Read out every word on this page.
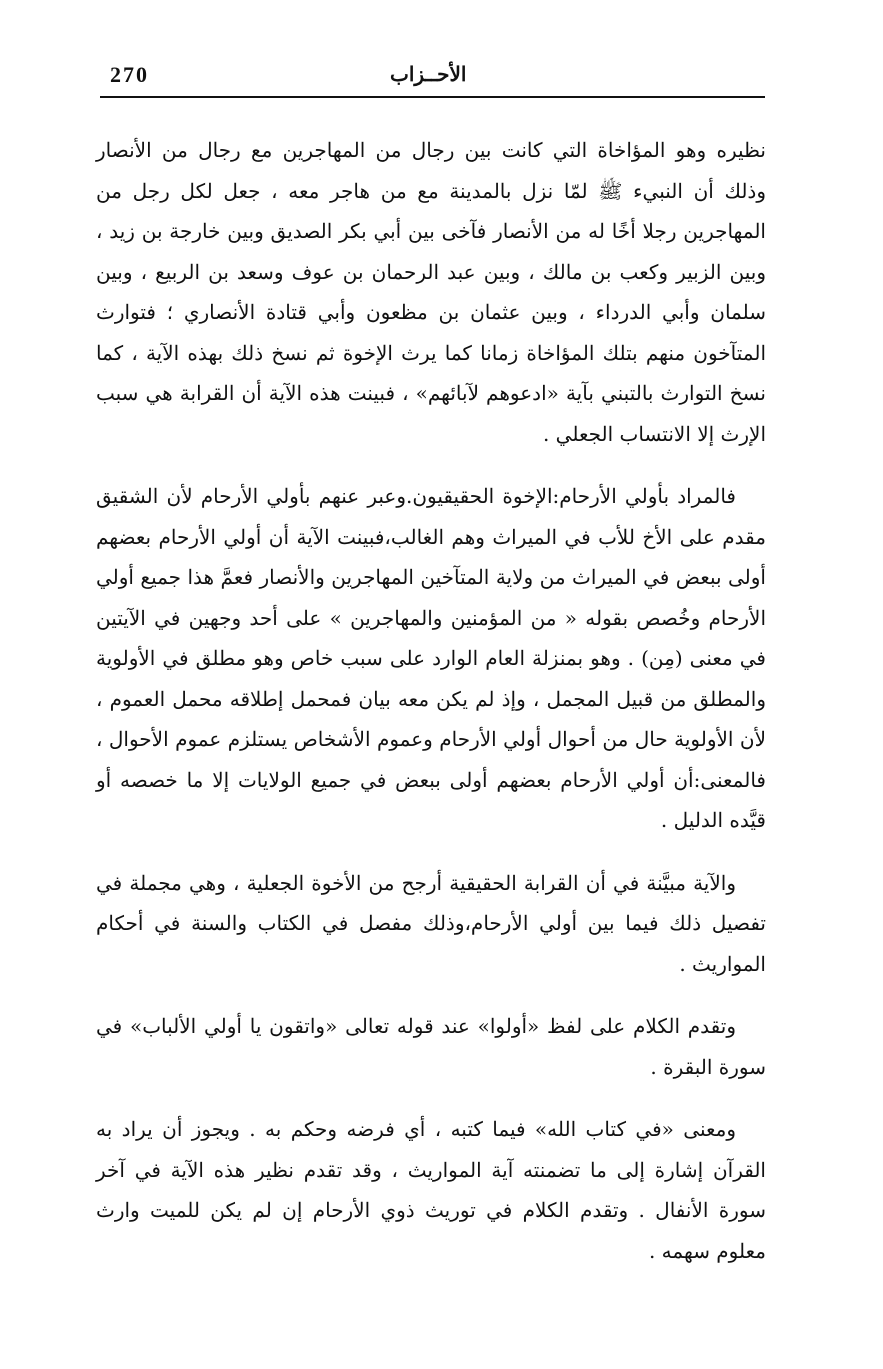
270	الأحــزاب

نظيره وهو المؤاخاة التي كانت بين رجال من المهاجرين مع رجال من الأنصار وذلك أن النبيء ﷺ لمّا نزل بالمدينة مع من هاجر معه ، جعل لكل رجل من المهاجرين رجلا أخًا له من الأنصار فآخى بين أبي بكر الصديق وبين خارجة بن زيد ، وبين الزبير وكعب بن مالك ، وبين عبد الرحمان بن عوف وسعد بن الربيع ، وبين سلمان وأبي الدرداء ، وبين عثمان بن مظعون وأبي قتادة الأنصاري ؛ فتوارث المتآخون منهم بتلك المؤاخاة زمانا كما يرث الإخوة ثم نسخ ذلك بهذه الآية ، كما نسخ التوارث بالتبني بآية «ادعوهم لآبائهم» ، فبينت هذه الآية أن القرابة هي سبب الإرث إلا الانتساب الجعلي .

فالمراد بأولي الأرحام:الإخوة الحقيقيون.وعبر عنهم بأولي الأرحام لأن الشقيق مقدم على الأخ للأب في الميراث وهم الغالب،فبينت الآية أن أولي الأرحام بعضهم أولى ببعض في الميراث من ولاية المتآخين المهاجرين والأنصار فعمَّ هذا جميع أولي الأرحام وخُصص بقوله « من المؤمنين والمهاجرين » على أحد وجهين في الآيتين في معنى (مِن) . وهو بمنزلة العام الوارد على سبب خاص وهو مطلق في الأولوية والمطلق من قبيل المجمل ، وإذ لم يكن معه بيان فمحمل إطلاقه محمل العموم ، لأن الأولوية حال من أحوال أولي الأرحام وعموم الأشخاص يستلزم عموم الأحوال ، فالمعنى:أن أولي الأرحام بعضهم أولى ببعض في جميع الولايات إلا ما خصصه أو قيَّده الدليل .

والآية مبيَّنة في أن القرابة الحقيقية أرجح من الأخوة الجعلية ، وهي مجملة في تفصيل ذلك فيما بين أولي الأرحام،وذلك مفصل في الكتاب والسنة في أحكام المواريث .

وتقدم الكلام على لفظ «أولوا» عند قوله تعالى «واتقون يا أولي الألباب» في سورة البقرة .

ومعنى «في كتاب الله» فيما كتبه ، أي فرضه وحكم به . ويجوز أن يراد به القرآن إشارة إلى ما تضمنته آية المواريث ، وقد تقدم نظير هذه الآية في آخر سورة الأنفال . وتقدم الكلام في توريث ذوي الأرحام إن لم يكن للميت وارث معلوم سهمه .
